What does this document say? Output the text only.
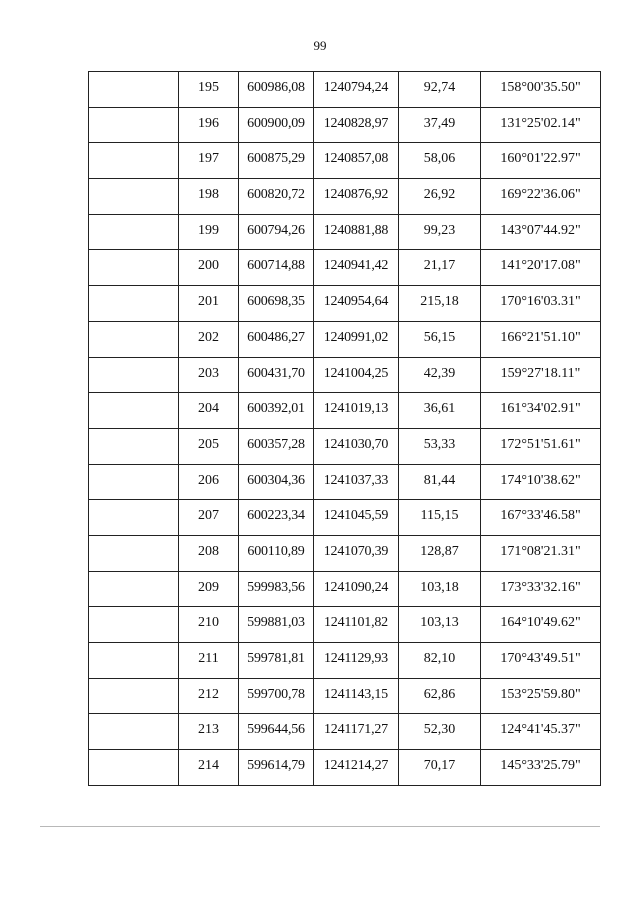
99
	195	600986,08	1240794,24	92,74	158°00'35.50"
	196	600900,09	1240828,97	37,49	131°25'02.14"
	197	600875,29	1240857,08	58,06	160°01'22.97"
	198	600820,72	1240876,92	26,92	169°22'36.06"
	199	600794,26	1240881,88	99,23	143°07'44.92"
	200	600714,88	1240941,42	21,17	141°20'17.08"
	201	600698,35	1240954,64	215,18	170°16'03.31"
	202	600486,27	1240991,02	56,15	166°21'51.10"
	203	600431,70	1241004,25	42,39	159°27'18.11"
	204	600392,01	1241019,13	36,61	161°34'02.91"
	205	600357,28	1241030,70	53,33	172°51'51.61"
	206	600304,36	1241037,33	81,44	174°10'38.62"
	207	600223,34	1241045,59	115,15	167°33'46.58"
	208	600110,89	1241070,39	128,87	171°08'21.31"
	209	599983,56	1241090,24	103,18	173°33'32.16"
	210	599881,03	1241101,82	103,13	164°10'49.62"
	211	599781,81	1241129,93	82,10	170°43'49.51"
	212	599700,78	1241143,15	62,86	153°25'59.80"
	213	599644,56	1241171,27	52,30	124°41'45.37"
	214	599614,79	1241214,27	70,17	145°33'25.79"
